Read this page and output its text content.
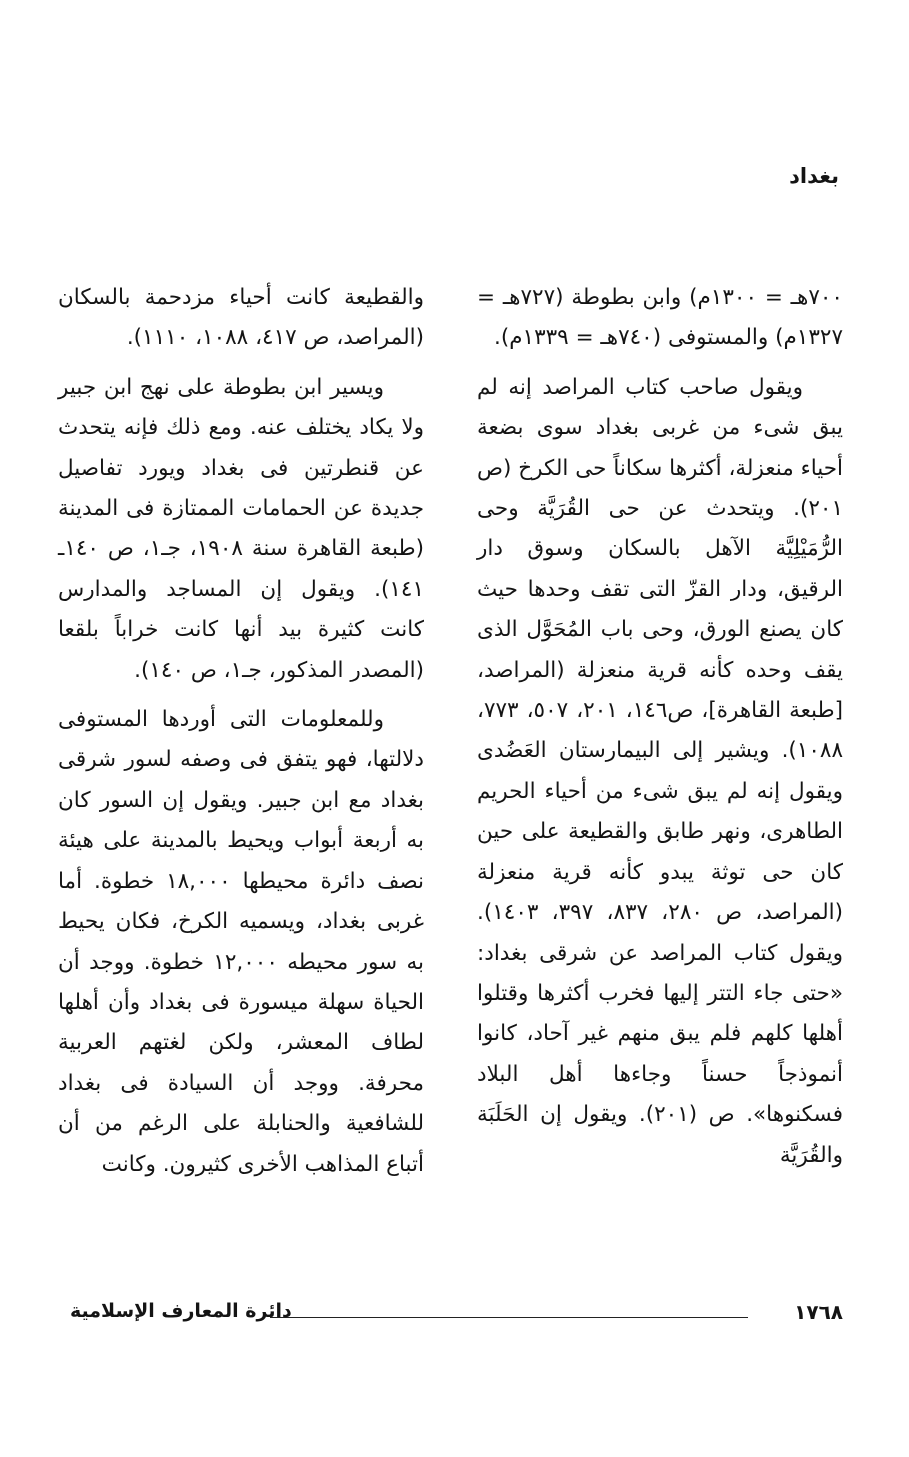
بغداد

٧٠٠هـ = ١٣٠٠م) وابن بطوطة (٧٢٧هـ = ١٣٢٧م) والمستوفى (٧٤٠هـ = ١٣٣٩م).

ويقول صاحب كتاب المراصد إنه لم يبق شىء من غربى بغداد سوى بضعة أحياء منعزلة، أكثرها سكاناً حى الكرخ (ص ٢٠١). ويتحدث عن حى القُرَيَّة وحى الرُّمَيْلِيَّة الآهل بالسكان وسوق دار الرقيق، ودار القزّ التى تقف وحدها حيث كان يصنع الورق، وحى باب المُحَوَّل الذى يقف وحده كأنه قرية منعزلة (المراصد، [طبعة القاهرة]، ص١٤٦، ٢٠١، ٥٠٧، ٧٧٣، ١٠٨٨). ويشير إلى البيمارستان العَضُدى ويقول إنه لم يبق شىء من أحياء الحريم الطاهرى، ونهر طابق والقطيعة على حين كان حى توثة يبدو كأنه قرية منعزلة (المراصد، ص ٢٨٠، ٨٣٧، ٣٩٧، ١٤٠٣). ويقول كتاب المراصد عن شرقى بغداد: «حتى جاء التتر إليها فخرب أكثرها وقتلوا أهلها كلهم فلم يبق منهم غير آحاد، كانوا أنموذجاً حسناً وجاءها أهل البلاد فسكنوها». ص (٢٠١). ويقول إن الحَلَبَة والقُرَيَّة

والقطيعة كانت أحياء مزدحمة بالسكان (المراصد، ص ٤١٧، ١٠٨٨، ١١١٠).

ويسير ابن بطوطة على نهج ابن جبير ولا يكاد يختلف عنه. ومع ذلك فإنه يتحدث عن قنطرتين فى بغداد ويورد تفاصيل جديدة عن الحمامات الممتازة فى المدينة (طبعة القاهرة سنة ١٩٠٨، جـ١، ص ١٤٠ـ ١٤١). ويقول إن المساجد والمدارس كانت كثيرة بيد أنها كانت خراباً بلقعا (المصدر المذكور، جـ١، ص ١٤٠).

وللمعلومات التى أوردها المستوفى دلالتها، فهو يتفق فى وصفه لسور شرقى بغداد مع ابن جبير. ويقول إن السور كان به أربعة أبواب ويحيط بالمدينة على هيئة نصف دائرة محيطها ١٨,٠٠٠ خطوة. أما غربى بغداد، ويسميه الكرخ، فكان يحيط به سور محيطه ١٢,٠٠٠ خطوة. ووجد أن الحياة سهلة ميسورة فى بغداد وأن أهلها لطاف المعشر، ولكن لغتهم العربية محرفة. ووجد أن السيادة فى بغداد للشافعية والحنابلة على الرغم من أن أتباع المذاهب الأخرى كثيرون. وكانت

١٧٦٨
دائرة المعارف الإسلامية
